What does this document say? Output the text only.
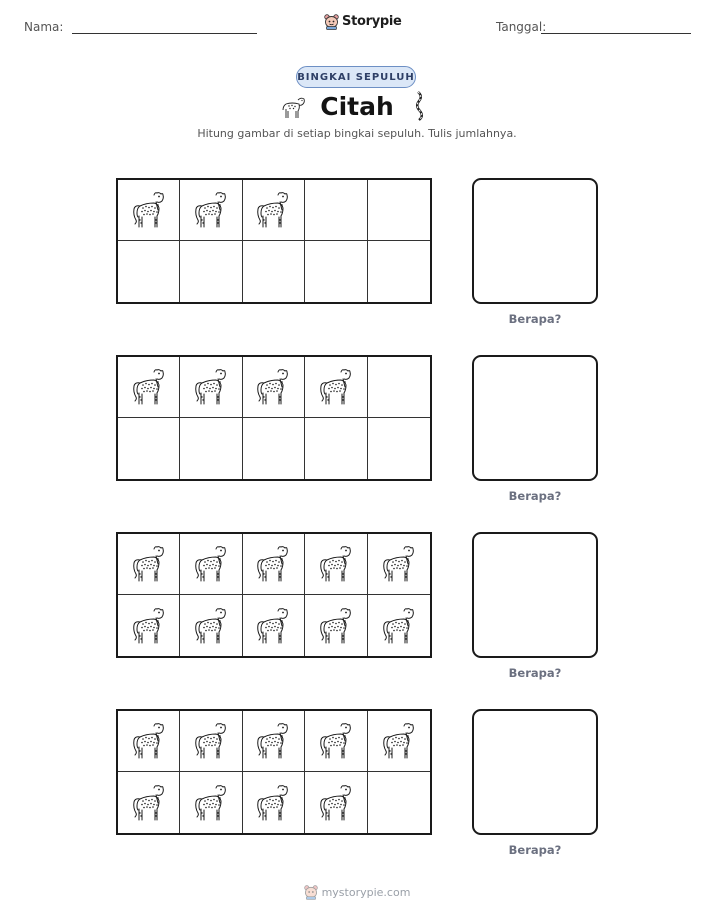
Nama:	Storypie	Tanggal:
BINGKAI SEPULUH
Citah
Hitung gambar di setiap bingkai sepuluh. Tulis jumlahnya.
Berapa?
Berapa?
Berapa?
Berapa?
mystorypie.com
